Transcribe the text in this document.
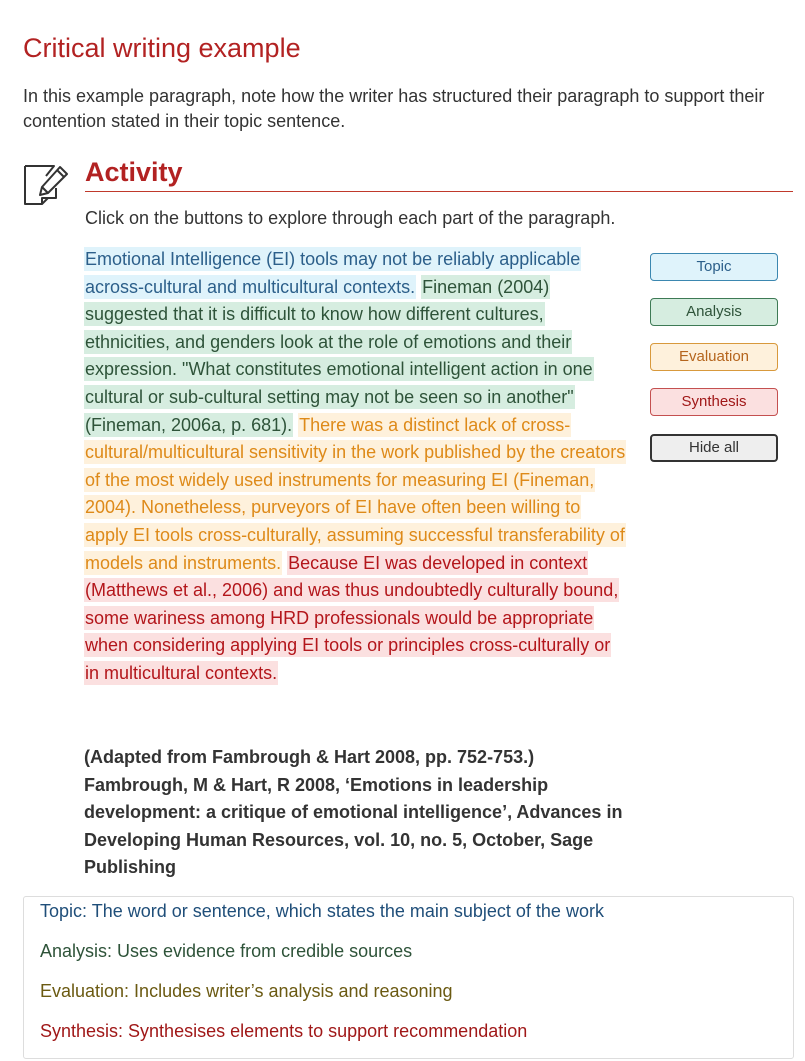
Critical writing example

In this example paragraph, note how the writer has structured their paragraph to support their contention stated in their topic sentence.

Activity

Click on the buttons to explore through each part of the paragraph.

Emotional Intelligence (EI) tools may not be reliably applicable across-cultural and multicultural contexts. Fineman (2004) suggested that it is difficult to know how different cultures, ethnicities, and genders look at the role of emotions and their expression. "What constitutes emotional intelligent action in one cultural or sub-cultural setting may not be seen so in another" (Fineman, 2006a, p. 681). There was a distinct lack of cross-cultural/multicultural sensitivity in the work published by the creators of the most widely used instruments for measuring EI (Fineman, 2004). Nonetheless, purveyors of EI have often been willing to apply EI tools cross-culturally, assuming successful transferability of models and instruments. Because EI was developed in context (Matthews et al., 2006) and was thus undoubtedly culturally bound, some wariness among HRD professionals would be appropriate when considering applying EI tools or principles cross-culturally or in multicultural contexts.

Topic
Analysis
Evaluation
Synthesis
Hide all
(Adapted from Fambrough & Hart 2008, pp. 752-753.)
Fambrough, M & Hart, R 2008, ‘Emotions in leadership development: a critique of emotional intelligence’, Advances in Developing Human Resources, vol. 10, no. 5, October, Sage Publishing
Topic: The word or sentence, which states the main subject of the work
Analysis: Uses evidence from credible sources
Evaluation: Includes writer’s analysis and reasoning
Synthesis: Synthesises elements to support recommendation
